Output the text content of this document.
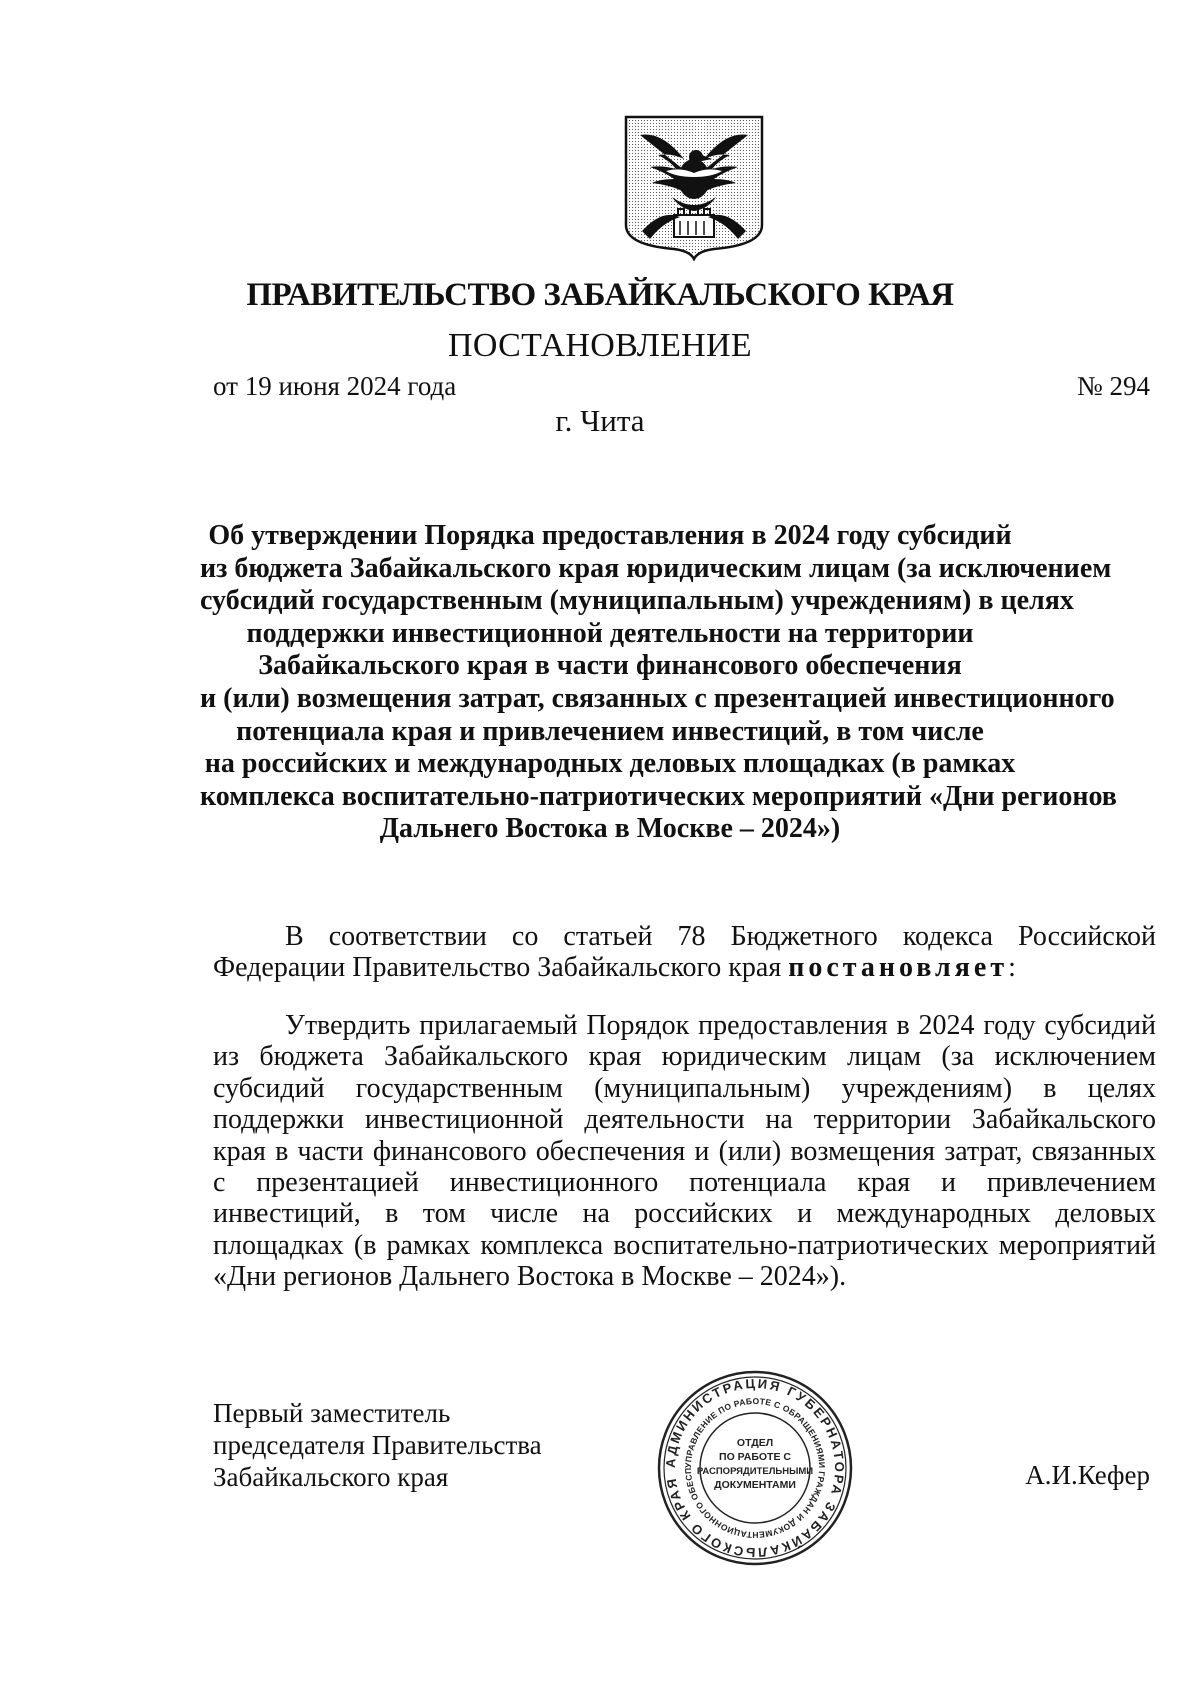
ПРАВИТЕЛЬСТВО ЗАБАЙКАЛЬСКОГО КРАЯ
ПОСТАНОВЛЕНИЕ
от 19 июня 2024 года	№ 294
г. Чита
Об утверждении Порядка предоставления в 2024 году субсидий
из бюджета Забайкальского края юридическим лицам (за исключением
субсидий государственным (муниципальным) учреждениям) в целях
поддержки инвестиционной деятельности на территории
Забайкальского края в части финансового обеспечения
и (или) возмещения затрат, связанных с презентацией инвестиционного
потенциала края и привлечением инвестиций, в том числе
на российских и международных деловых площадках (в рамках
комплекса воспитательно-патриотических мероприятий «Дни регионов
Дальнего Востока в Москве – 2024»)
В соответствии со статьей 78 Бюджетного кодекса Российской
Федерации Правительство Забайкальского края постановляет:
Утвердить прилагаемый Порядок предоставления в 2024 году субсидий
из бюджета Забайкальского края юридическим лицам (за исключением
субсидий государственным (муниципальным) учреждениям) в целях
поддержки инвестиционной деятельности на территории Забайкальского
края в части финансового обеспечения и (или) возмещения затрат, связанных
с презентацией инвестиционного потенциала края и привлечением
инвестиций, в том числе на российских и международных деловых
площадках (в рамках комплекса воспитательно-патриотических мероприятий
«Дни регионов Дальнего Востока в Москве – 2024»).
Первый заместитель
председателя Правительства
Забайкальского края	А.И.Кефер
АДМИНИСТРАЦИЯ ГУБЕРНАТОРА ЗАБАЙКАЛЬСКОГО КРАЯ
УПРАВЛЕНИЕ ПО РАБОТЕ С ОБРАЩЕНИЯМИ ГРАЖДАН И ДОКУМЕНТАЦИОННОГО ОБЕСП
ОТДЕЛ
ПО РАБОТЕ С
РАСПОРЯДИТЕЛЬНЫМИ
ДОКУМЕНТАМИ
